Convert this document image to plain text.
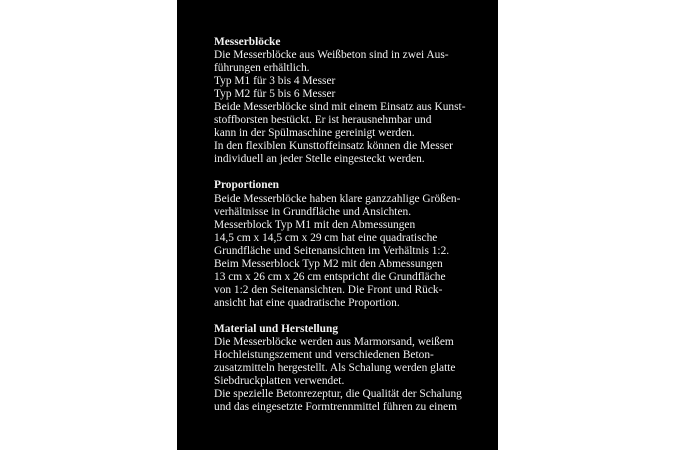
Messerblöcke
Die Messerblöcke aus Weißbeton sind in zwei Aus-
führungen erhältlich.
Typ M1 für 3 bis 4 Messer
Typ M2 für 5 bis 6 Messer
Beide Messerblöcke sind mit einem Einsatz aus Kunst-
stoffborsten bestückt. Er ist herausnehmbar und
kann in der Spülmaschine gereinigt werden.
In den flexiblen Kunsttoffeinsatz können die Messer
individuell an jeder Stelle eingesteckt werden.
Proportionen
Beide Messerblöcke haben klare ganzzahlige Größen-
verhältnisse in Grundfläche und Ansichten.
Messerblock Typ M1 mit den Abmessungen
14,5 cm x 14,5 cm x 29 cm hat eine quadratische
Grundfläche und Seitenansichten im Verhältnis 1:2.
Beim Messerblock Typ M2 mit den Abmessungen
13 cm x 26 cm x 26 cm entspricht die Grundfläche
von 1:2 den Seitenansichten. Die Front und Rück-
ansicht hat eine quadratische Proportion.
Material und Herstellung
Die Messerblöcke werden aus Marmorsand, weißem
Hochleistungszement und verschiedenen Beton-
zusatzmitteln hergestellt. Als Schalung werden glatte
Siebdruckplatten verwendet.
Die spezielle Betonrezeptur, die Qualität der Schalung
und das eingesetzte Formtrennmittel führen zu einem
